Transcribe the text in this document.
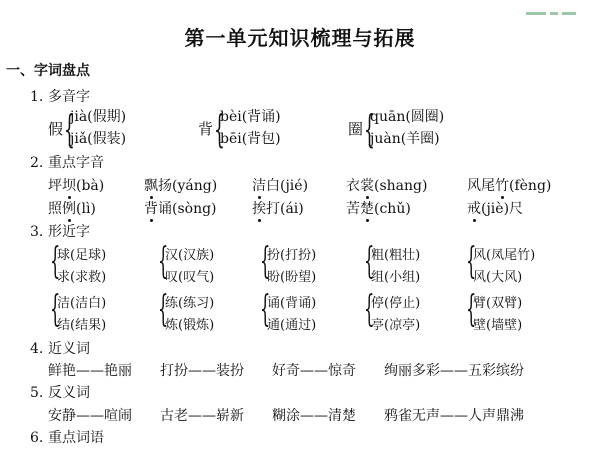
第一单元知识梳理与拓展
一、字词盘点
1. 多音字
2. 重点字音
3. 形近字
4. 近义词
5. 反义词
6. 重点词语
假 {
jià(假期)
jiǎ(假装)
背 {
bèi(背诵)
bēi(背包)
圈 {
quān(圆圈)
juàn(羊圈)
坪坝(bà)	飘扬(yáng) 洁白(jié)	衣裳(shang)	风尾竹(fèng)
照例(lì)	背诵(sòng)	挨打(ái)	苦楚(chǔ)	戒(jiè)尺
{
球(足球)
求(求救) {
汉(汉族)
叹(叹气) {
扮(打扮)
盼(盼望) {
粗(粗壮)
组(小组) {
风(凤尾竹)
风(大风)
{
洁(洁白)
结(结果) {
练(练习)
炼(锻炼) {
诵(背诵)
通(通过) {
停(停止)
亭(凉亭) {
臂(双臂)
壁(墙壁)
鲜艳——艳丽 打扮——装扮 好奇——惊奇 绚丽多彩——五彩缤纷
安静——喧闹 古老——崭新 糊涂——清楚 鸦雀无声——人声鼎沸
